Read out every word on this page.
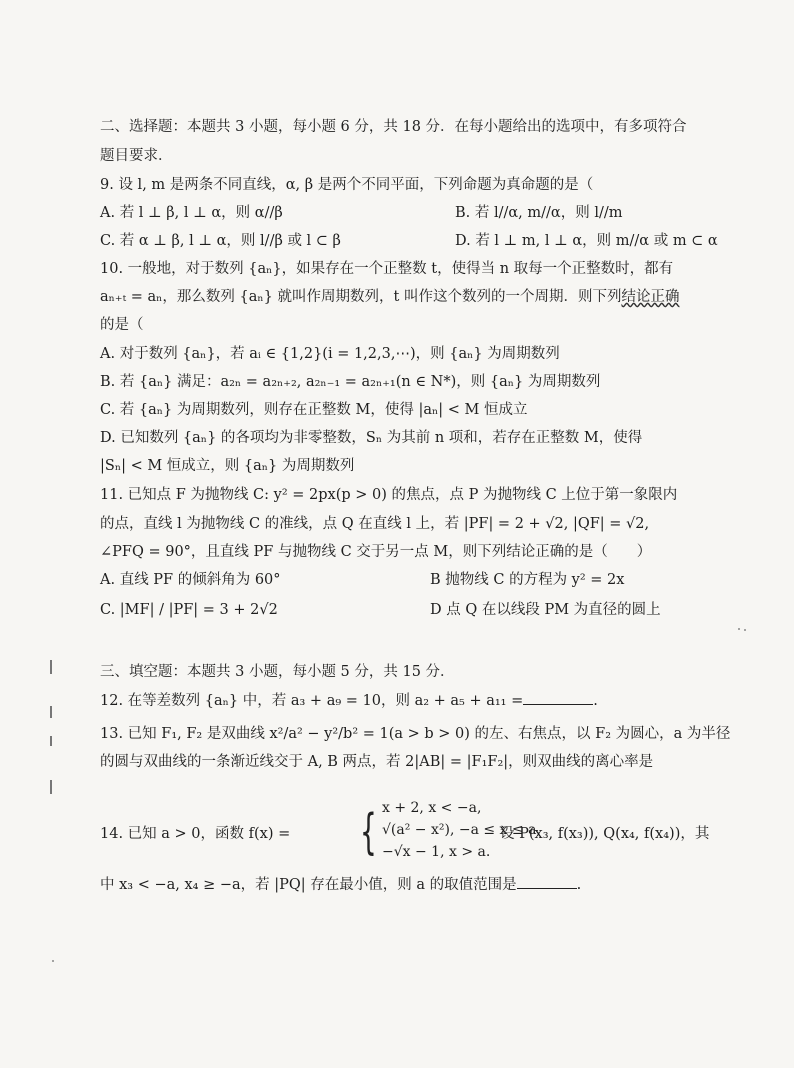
二、选择题：本题共 3 小题，每小题 6 分，共 18 分．在每小题给出的选项中，有多项符合
题目要求．
9. 设 l, m 是两条不同直线，α, β 是两个不同平面，下列命题为真命题的是（
A. 若 l ⊥ β, l ⊥ α，则 α//β	B. 若 l//α, m//α，则 l//m
C. 若 α ⊥ β, l ⊥ α，则 l//β 或 l ⊂ β	D. 若 l ⊥ m, l ⊥ α，则 m//α 或 m ⊂ α
10. 一般地，对于数列 {aₙ}，如果存在一个正整数 t，使得当 n 取每一个正整数时，都有
aₙ₊ₜ = aₙ，那么数列 {aₙ} 就叫作周期数列，t 叫作这个数列的一个周期．则下列结论正确
的是（
A. 对于数列 {aₙ}，若 aᵢ ∈ {1,2}(i = 1,2,3,⋯)，则 {aₙ} 为周期数列
B. 若 {aₙ} 满足：a₂ₙ = a₂ₙ₊₂, a₂ₙ₋₁ = a₂ₙ₊₁(n ∈ N*)，则 {aₙ} 为周期数列
C. 若 {aₙ} 为周期数列，则存在正整数 M，使得 |aₙ| < M 恒成立
D. 已知数列 {aₙ} 的各项均为非零整数，Sₙ 为其前 n 项和，若存在正整数 M，使得
|Sₙ| < M 恒成立，则 {aₙ} 为周期数列
11. 已知点 F 为抛物线 C: y² = 2px(p > 0) 的焦点，点 P 为抛物线 C 上位于第一象限内
的点，直线 l 为抛物线 C 的准线，点 Q 在直线 l 上，若 |PF| = 2 + √2, |QF| = √2,
∠PFQ = 90°，且直线 PF 与抛物线 C 交于另一点 M，则下列结论正确的是（　　）
A. 直线 PF 的倾斜角为 60°	B 抛物线 C 的方程为 y² = 2x
C. |MF| / |PF| = 3 + 2√2	D 点 Q 在以线段 PM 为直径的圆上
三、填空题：本题共 3 小题，每小题 5 分，共 15 分．
12. 在等差数列 {aₙ} 中，若 a₃ + a₉ = 10，则 a₂ + a₅ + a₁₁ =	.
13. 已知 F₁, F₂ 是双曲线 x²/a² − y²/b² = 1(a > b > 0) 的左、右焦点，以 F₂ 为圆心，a 为半径
的圆与双曲线的一条渐近线交于 A, B 两点，若 2|AB| = |F₁F₂|，则双曲线的离心率是
14. 已知 a > 0，函数 f(x) = { x + 2, x < −a,
√(a² − x²), −a ≤ x ≤ a,
−√x − 1, x > a.
设 P(x₃, f(x₃)), Q(x₄, f(x₄))，其
中 x₃ < −a, x₄ ≥ −a，若 |PQ| 存在最小值，则 a 的取值范围是	.
